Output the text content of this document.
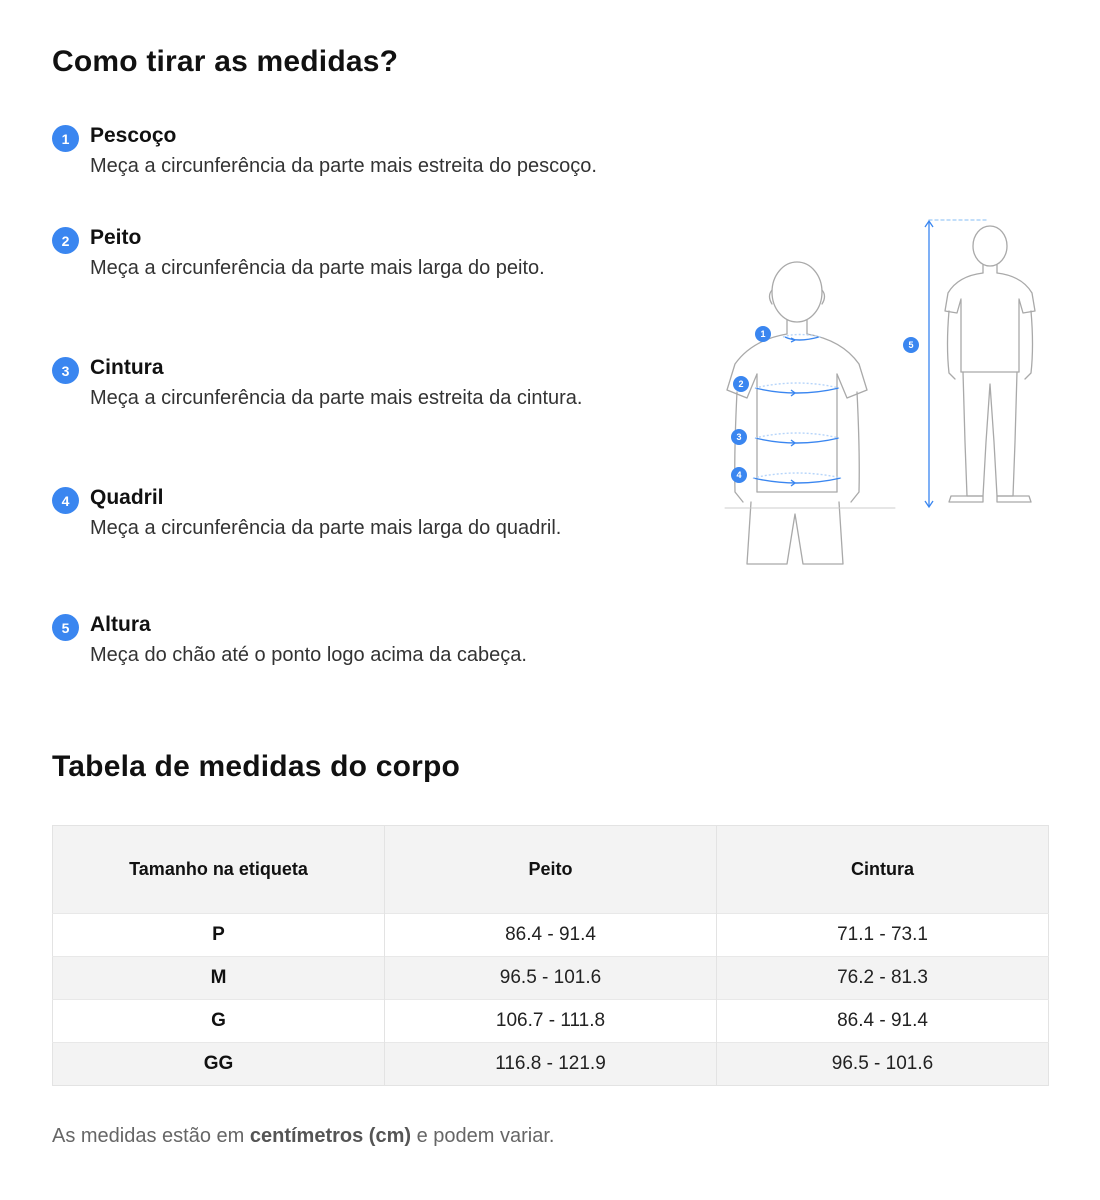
Como tirar as medidas?
1 Pescoço
Meça a circunferência da parte mais estreita do pescoço.
2 Peito
Meça a circunferência da parte mais larga do peito.
3 Cintura
Meça a circunferência da parte mais estreita da cintura.
4 Quadril
Meça a circunferência da parte mais larga do quadril.
5 Altura
Meça do chão até o ponto logo acima da cabeça.
1
2
3
4
5
Tabela de medidas do corpo
Tamanho na etiqueta	Peito	Cintura
P	86.4 - 91.4	71.1 - 73.1
M	96.5 - 101.6	76.2 - 81.3
G	106.7 - 111.8	86.4 - 91.4
GG	116.8 - 121.9	96.5 - 101.6
As medidas estão em centímetros (cm) e podem variar.
